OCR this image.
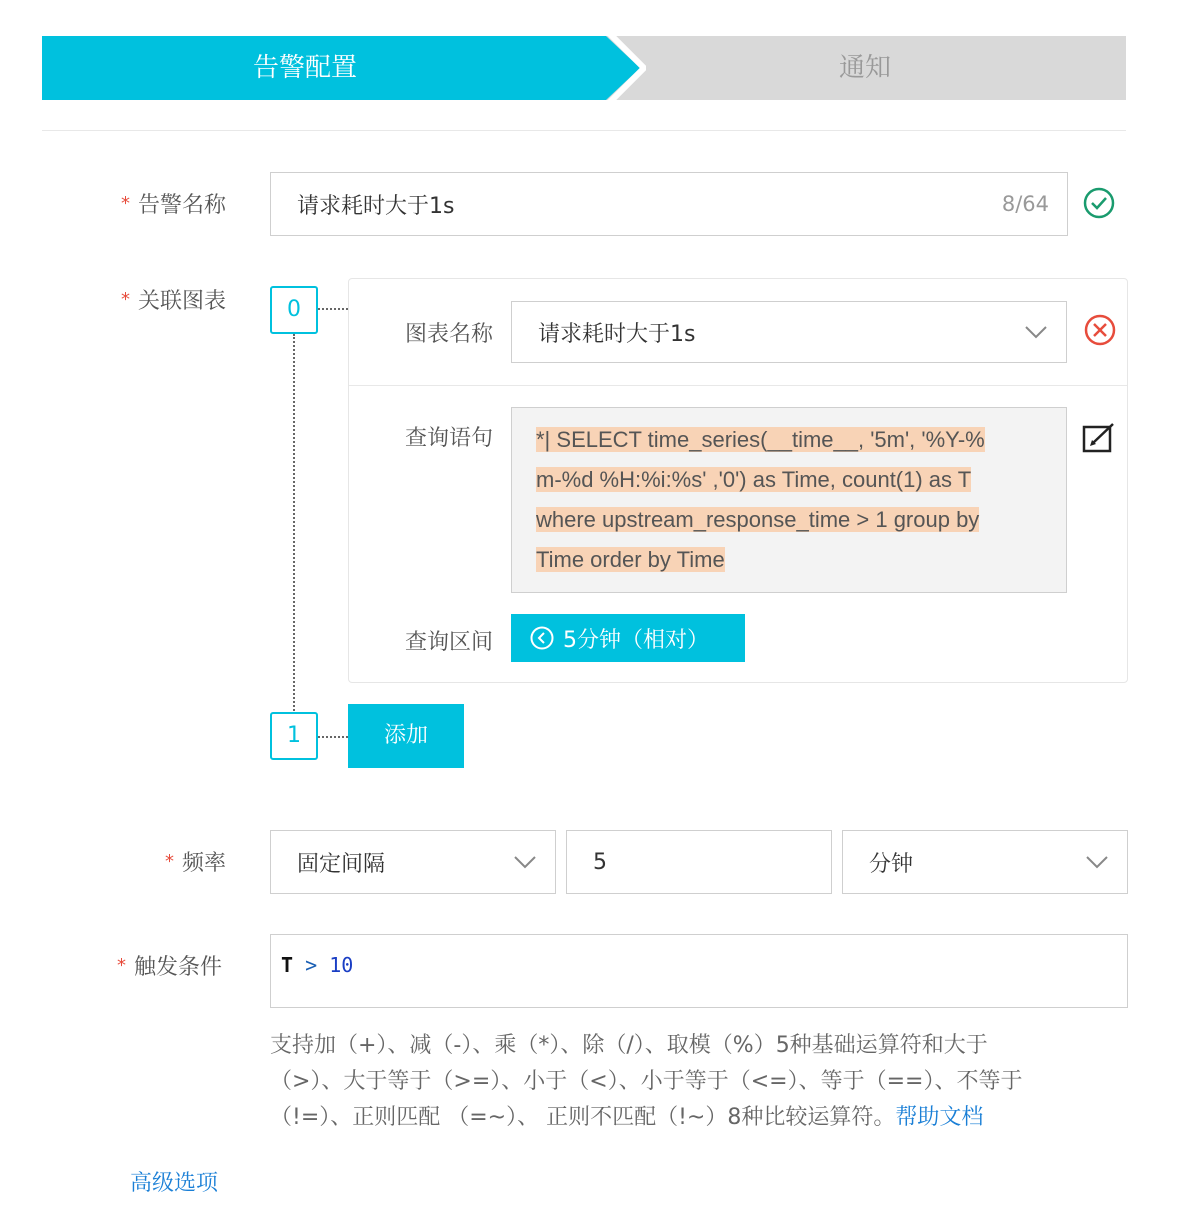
告警配置	通知
* 告警名称	请求耗时大于1s	8/64
* 关联图表	0
1
图表名称 请求耗时大于1s
查询语句 *| SELECT time_series(__time__, '5m', '%Y-%
m-%d %H:%i:%s' ,'0') as Time, count(1) as T
where upstream_response_time > 1 group by
Time order by Time
查询区间	5分钟（相对）
添加
* 频率	固定间隔	5	分钟
* 触发条件	T > 10
支持加（+）、减（-）、乘（*）、除（/）、取模（%）5种基础运算符和大于
（>）、大于等于（>=）、小于（<）、小于等于（<=）、等于（==）、不等于
（!=）、正则匹配 （=~）、 正则不匹配（!~）8种比较运算符。帮助文档
高级选项
